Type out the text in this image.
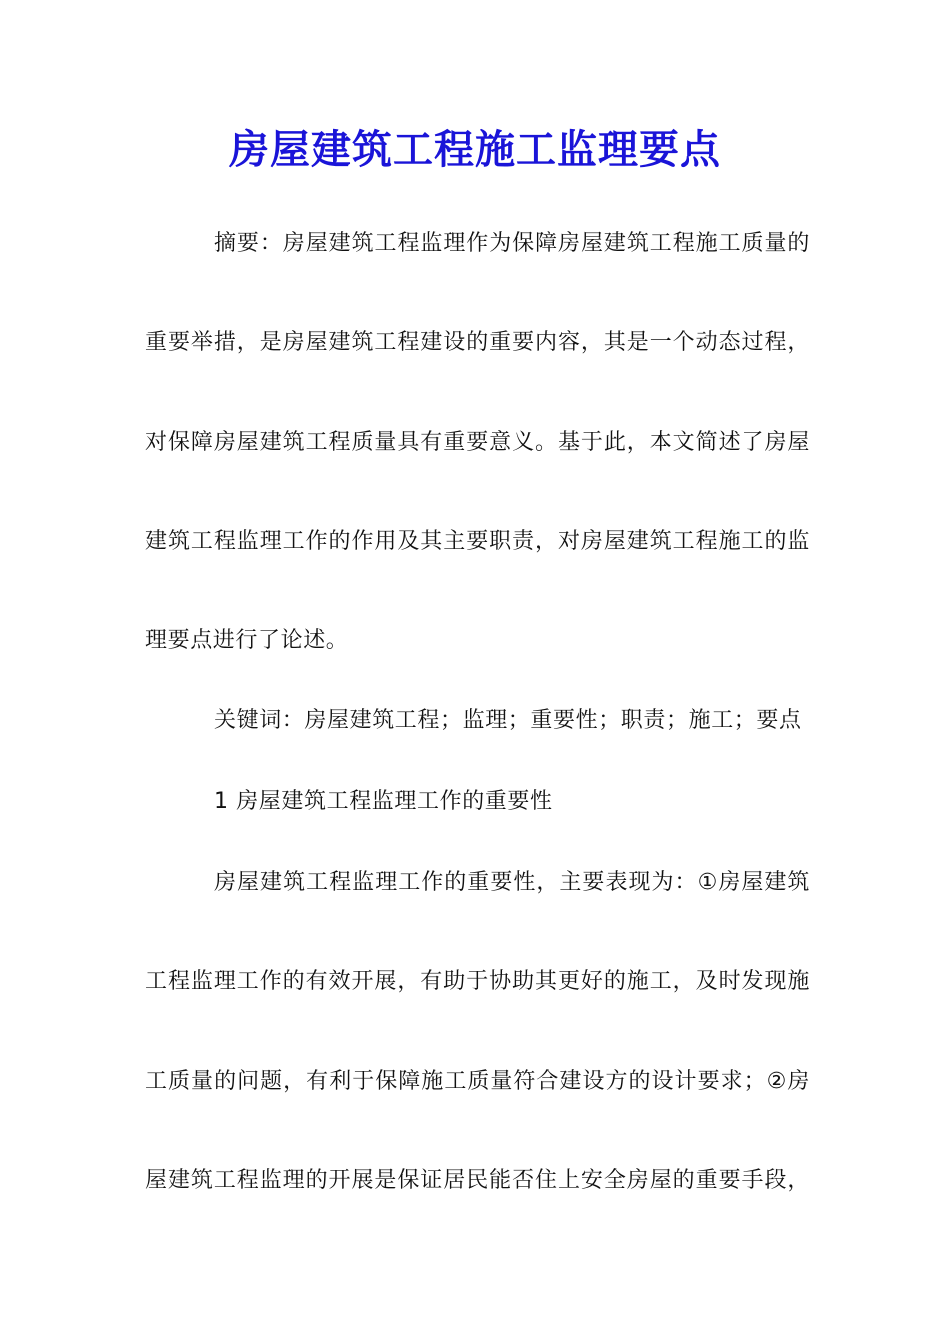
房屋建筑工程施工监理要点
摘要：房屋建筑工程监理作为保障房屋建筑工程施工质量的
重要举措，是房屋建筑工程建设的重要内容，其是一个动态过程，
对保障房屋建筑工程质量具有重要意义。基于此，本文简述了房屋
建筑工程监理工作的作用及其主要职责，对房屋建筑工程施工的监
理要点进行了论述。
关键词：房屋建筑工程；监理；重要性；职责；施工；要点
1 房屋建筑工程监理工作的重要性
房屋建筑工程监理工作的重要性，主要表现为：①房屋建筑
工程监理工作的有效开展，有助于协助其更好的施工，及时发现施
工质量的问题，有利于保障施工质量符合建设方的设计要求；②房
屋建筑工程监理的开展是保证居民能否住上安全房屋的重要手段，
